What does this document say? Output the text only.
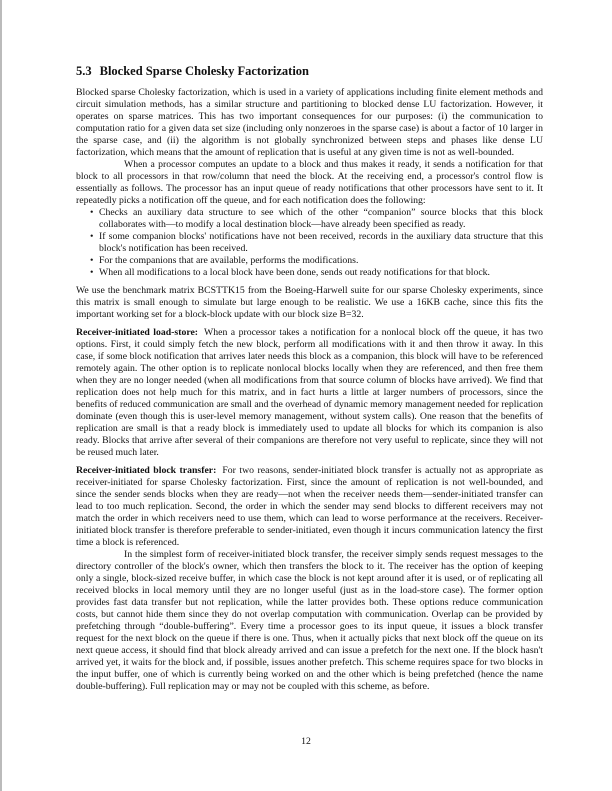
5.3 Blocked Sparse Cholesky Factorization

Blocked sparse Cholesky factorization, which is used in a variety of applications including finite element methods and circuit simulation methods, has a similar structure and partitioning to blocked dense LU factorization. However, it operates on sparse matrices. This has two important consequences for our purposes: (i) the communication to computation ratio for a given data set size (including only nonzeroes in the sparse case) is about a factor of 10 larger in the sparse case, and (ii) the algorithm is not globally synchronized between steps and phases like dense LU factorization, which means that the amount of replication that is useful at any given time is not as well-bounded.

When a processor computes an update to a block and thus makes it ready, it sends a notification for that block to all processors in that row/column that need the block. At the receiving end, a processor's control flow is essentially as follows. The processor has an input queue of ready notifications that other processors have sent to it. It repeatedly picks a notification off the queue, and for each notification does the following:

• Checks an auxiliary data structure to see which of the other “companion” source blocks that this block collaborates with—to modify a local destination block—have already been specified as ready.
• If some companion blocks' notifications have not been received, records in the auxiliary data structure that this block's notification has been received.
• For the companions that are available, performs the modifications.
• When all modifications to a local block have been done, sends out ready notifications for that block.

We use the benchmark matrix BCSTTK15 from the Boeing-Harwell suite for our sparse Cholesky experiments, since this matrix is small enough to simulate but large enough to be realistic. We use a 16KB cache, since this fits the important working set for a block-block update with our block size B=32.

Receiver-initiated load-store: When a processor takes a notification for a nonlocal block off the queue, it has two options. First, it could simply fetch the new block, perform all modifications with it and then throw it away. In this case, if some block notification that arrives later needs this block as a companion, this block will have to be referenced remotely again. The other option is to replicate nonlocal blocks locally when they are referenced, and then free them when they are no longer needed (when all modifications from that source column of blocks have arrived). We find that replication does not help much for this matrix, and in fact hurts a little at larger numbers of processors, since the benefits of reduced communication are small and the overhead of dynamic memory management needed for replication dominate (even though this is user-level memory management, without system calls). One reason that the benefits of replication are small is that a ready block is immediately used to update all blocks for which its companion is also ready. Blocks that arrive after several of their companions are therefore not very useful to replicate, since they will not be reused much later.

Receiver-initiated block transfer: For two reasons, sender-initiated block transfer is actually not as appropriate as receiver-initiated for sparse Cholesky factorization. First, since the amount of replication is not well-bounded, and since the sender sends blocks when they are ready—not when the receiver needs them—sender-initiated transfer can lead to too much replication. Second, the order in which the sender may send blocks to different receivers may not match the order in which receivers need to use them, which can lead to worse performance at the receivers. Receiver-initiated block transfer is therefore preferable to sender-initiated, even though it incurs communication latency the first time a block is referenced.

In the simplest form of receiver-initiated block transfer, the receiver simply sends request messages to the directory controller of the block's owner, which then transfers the block to it. The receiver has the option of keeping only a single, block-sized receive buffer, in which case the block is not kept around after it is used, or of replicating all received blocks in local memory until they are no longer useful (just as in the load-store case). The former option provides fast data transfer but not replication, while the latter provides both. These options reduce communication costs, but cannot hide them since they do not overlap computation with communication. Overlap can be provided by prefetching through “double-buffering”. Every time a processor goes to its input queue, it issues a block transfer request for the next block on the queue if there is one. Thus, when it actually picks that next block off the queue on its next queue access, it should find that block already arrived and can issue a prefetch for the next one. If the block hasn't arrived yet, it waits for the block and, if possible, issues another prefetch. This scheme requires space for two blocks in the input buffer, one of which is currently being worked on and the other which is being prefetched (hence the name double-buffering). Full replication may or may not be coupled with this scheme, as before.

12
